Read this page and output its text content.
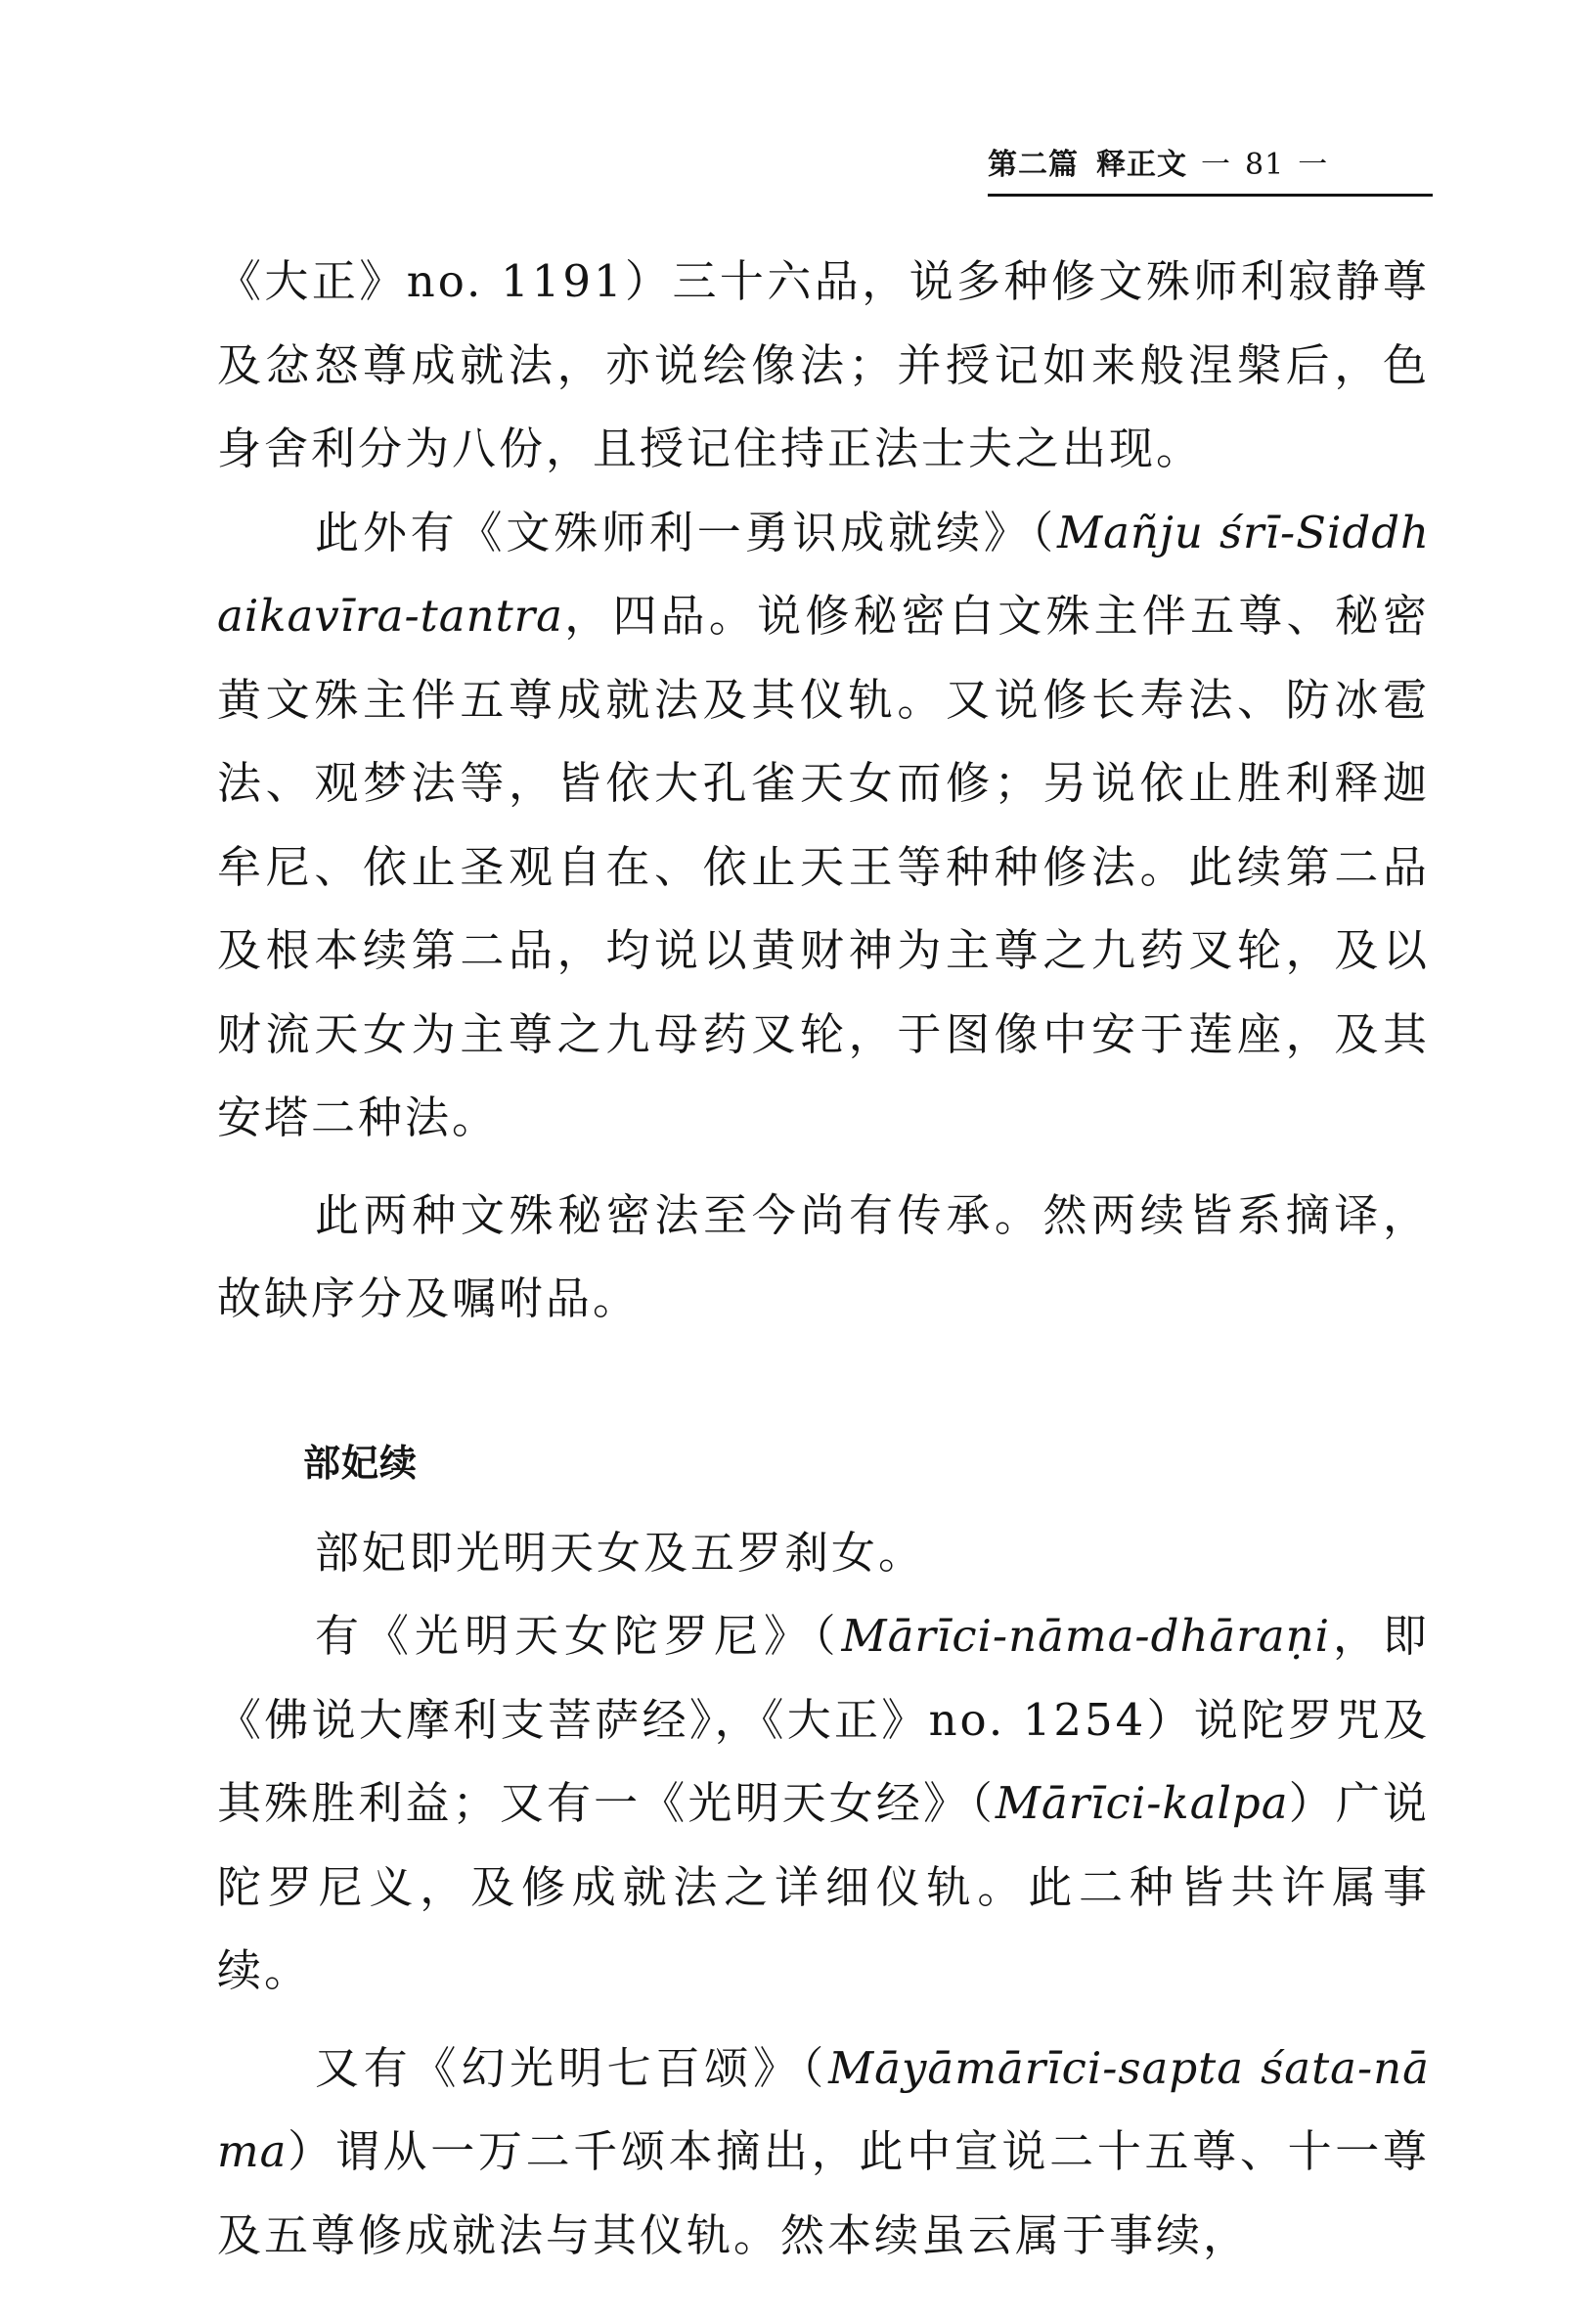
第二篇 释正文 一 81 一

《大正》no. 1191）三十六品，说多种修文殊师利寂静尊及忿怒尊成就法，亦说绘像法；并授记如来般涅槃后，色身舍利分为八份，且授记住持正法士夫之出现。

此外有《文殊师利一勇识成就续》（Mañju śrī-Siddhaikavīra-tantra，四品。说修秘密白文殊主伴五尊、秘密黄文殊主伴五尊成就法及其仪轨。又说修长寿法、防冰雹法、观梦法等，皆依大孔雀天女而修；另说依止胜利释迦牟尼、依止圣观自在、依止天王等种种修法。此续第二品及根本续第二品，均说以黄财神为主尊之九药叉轮，及以财流天女为主尊之九母药叉轮，于图像中安于莲座，及其安塔二种法。

此两种文殊秘密法至今尚有传承。然两续皆系摘译，故缺序分及嘱咐品。

部妃续

部妃即光明天女及五罗刹女。

有《光明天女陀罗尼》（Mārīci-nāma-dhāraṇi，即《佛说大摩利支菩萨经》，《大正》no. 1254）说陀罗咒及其殊胜利益；又有一《光明天女经》（Mārīci-kalpa）广说陀罗尼义，及修成就法之详细仪轨。此二种皆共许属事续。

又有《幻光明七百颂》（Māyāmārīci-sapta śata-nāma）谓从一万二千颂本摘出，此中宣说二十五尊、十一尊及五尊修成就法与其仪轨。然本续虽云属于事续，
